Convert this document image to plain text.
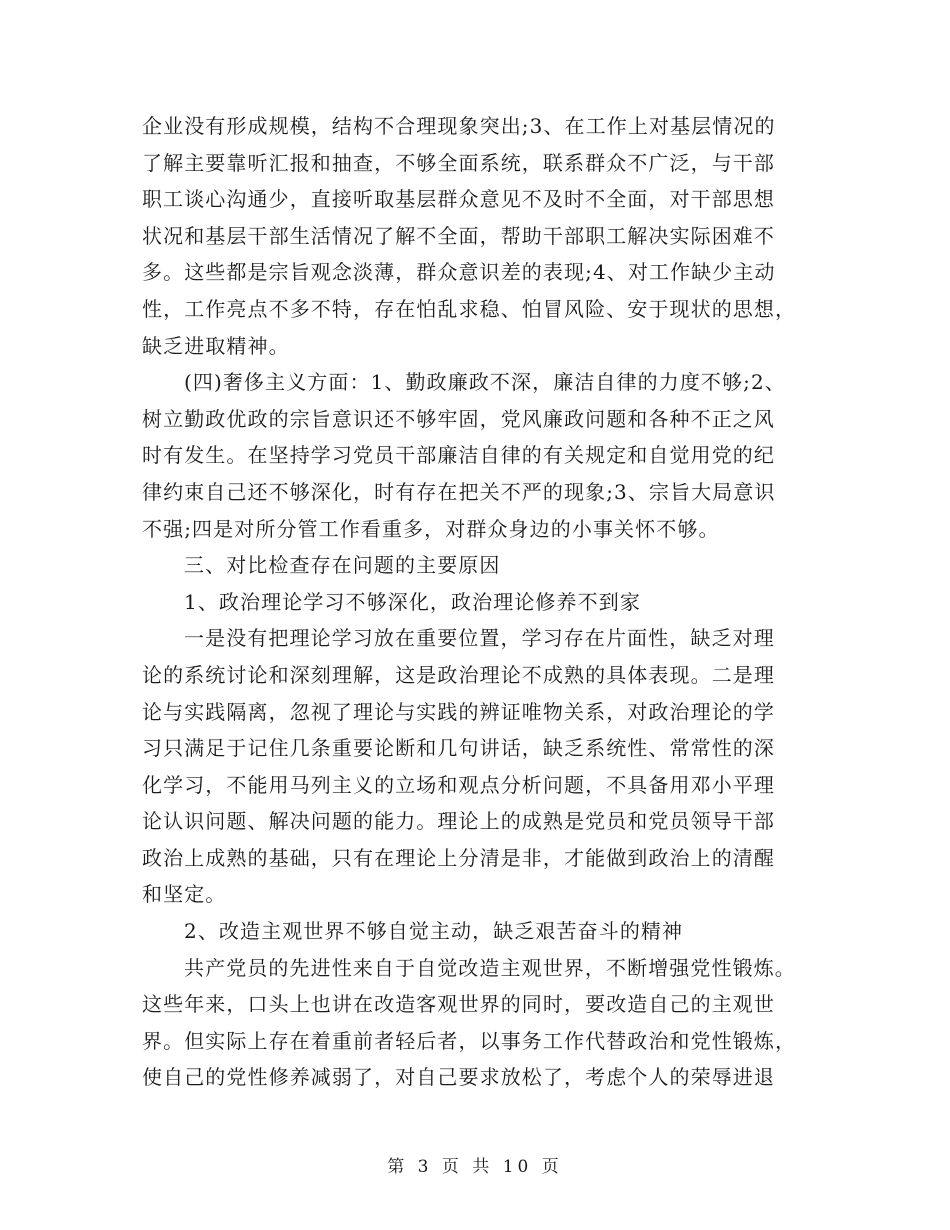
企业没有形成规模，结构不合理现象突出;3、在工作上对基层情况的
了解主要靠听汇报和抽查，不够全面系统，联系群众不广泛，与干部
职工谈心沟通少，直接听取基层群众意见不及时不全面，对干部思想
状况和基层干部生活情况了解不全面，帮助干部职工解决实际困难不
多。这些都是宗旨观念淡薄，群众意识差的表现;4、对工作缺少主动
性，工作亮点不多不特，存在怕乱求稳、怕冒风险、安于现状的思想，
缺乏进取精神。
(四)奢侈主义方面：1、勤政廉政不深，廉洁自律的力度不够;2、
树立勤政优政的宗旨意识还不够牢固，党风廉政问题和各种不正之风
时有发生。在坚持学习党员干部廉洁自律的有关规定和自觉用党的纪
律约束自己还不够深化，时有存在把关不严的现象;3、宗旨大局意识
不强;四是对所分管工作看重多，对群众身边的小事关怀不够。
三、对比检查存在问题的主要原因
1、政治理论学习不够深化，政治理论修养不到家
一是没有把理论学习放在重要位置，学习存在片面性，缺乏对理
论的系统讨论和深刻理解，这是政治理论不成熟的具体表现。二是理
论与实践隔离，忽视了理论与实践的辨证唯物关系，对政治理论的学
习只满足于记住几条重要论断和几句讲话，缺乏系统性、常常性的深
化学习，不能用马列主义的立场和观点分析问题，不具备用邓小平理
论认识问题、解决问题的能力。理论上的成熟是党员和党员领导干部
政治上成熟的基础，只有在理论上分清是非，才能做到政治上的清醒
和坚定。
2、改造主观世界不够自觉主动，缺乏艰苦奋斗的精神
共产党员的先进性来自于自觉改造主观世界，不断增强党性锻炼。
这些年来，口头上也讲在改造客观世界的同时，要改造自己的主观世
界。但实际上存在着重前者轻后者，以事务工作代替政治和党性锻炼，
使自己的党性修养减弱了，对自己要求放松了，考虑个人的荣辱进退
第 3 页 共 10 页
